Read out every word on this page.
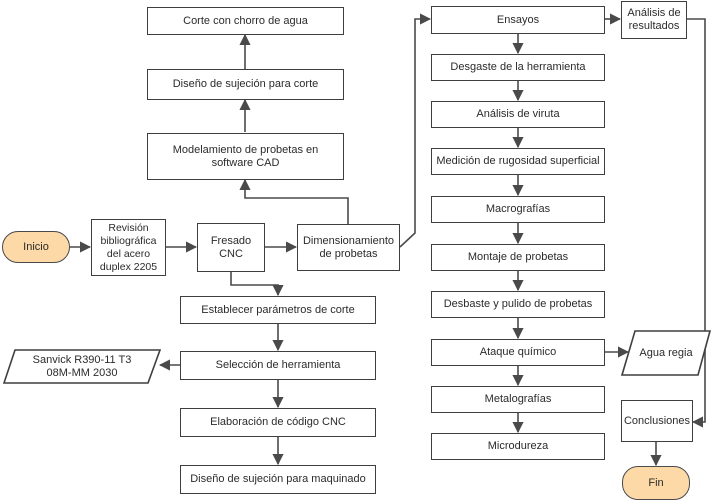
Inicio
Revisión bibliográfica del acero duplex 2205
Fresado CNC
Dimensionamiento de probetas
Modelamiento de probetas en software CAD
Diseño de sujeción para corte
Corte con chorro de agua
Establecer parámetros de corte
Selección de herramienta
Sanvick R390-11 T3 08M-MM 2030
Elaboración de código CNC
Diseño de sujeción para maquinado
Ensayos
Análisis de resultados
Desgaste de la herramienta
Análisis de viruta
Medición de rugosidad superficial
Macrografías
Montaje de probetas
Desbaste y pulido de probetas
Ataque químico	Agua regia
Metalografías
Microdureza
Conclusiones
Fin
